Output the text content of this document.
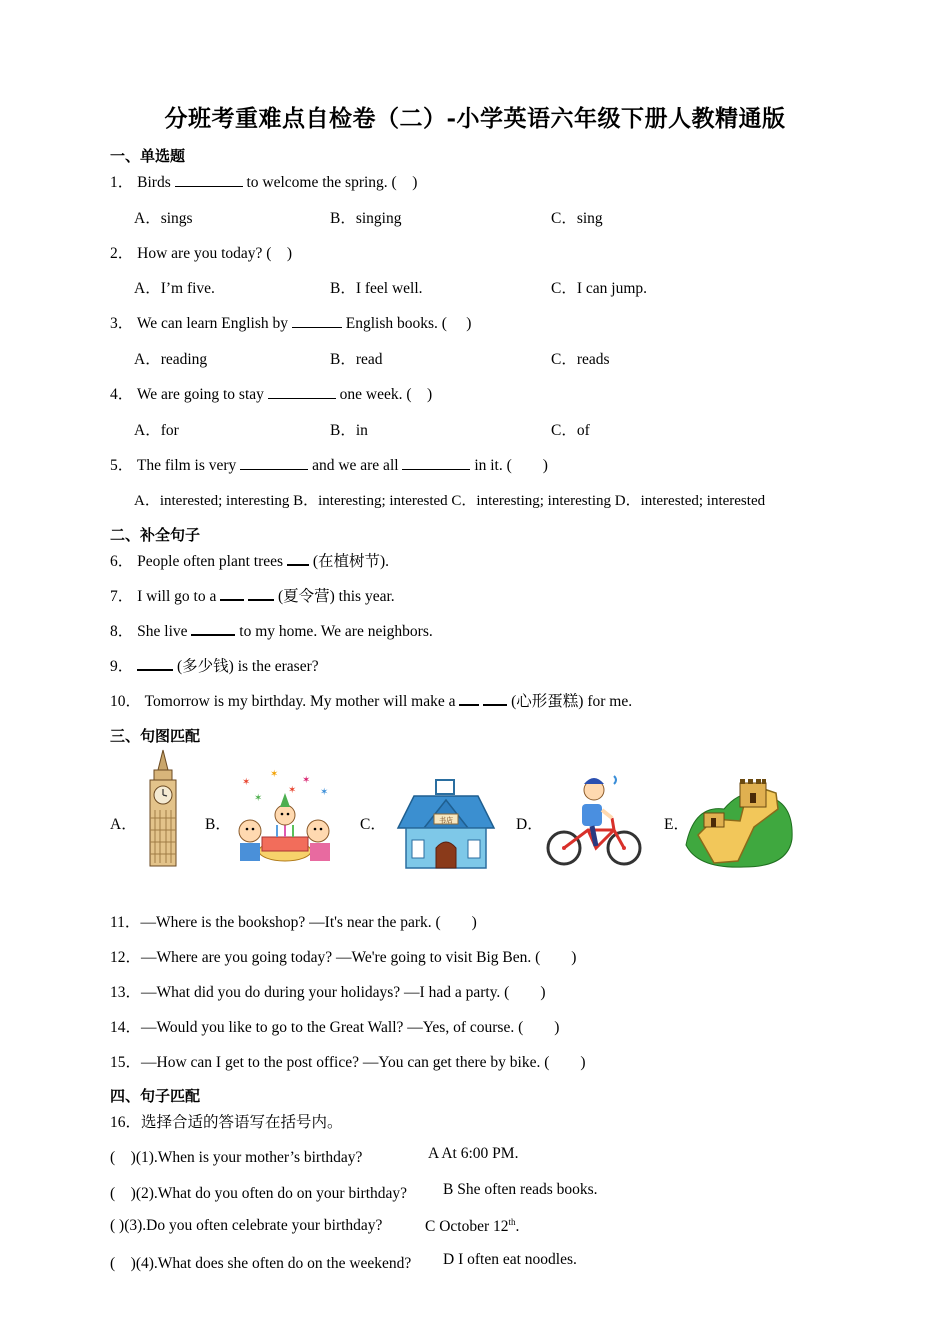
分班考重难点自检卷（二）-小学英语六年级下册人教精通版
一、单选题
1． Birds	to welcome the spring. (　)
A．sings	B．singing	C．sing
2． How are you today? (　)
A．I’m five.	B．I feel well.	C．I can jump.
3． We can learn English by	English books. (　 )
A．reading	B．read	C．reads
4． We are going to stay	one week. (　)
A．for	B．in	C．of
5． The film is very	and we are all	in it. (　　)
A．interested; interesting B．interesting; interested C．interesting; interesting D．interested; interested
二、补全句子
6． People often plant trees (在植树节).
7． I will go to a	(夏令营) this year.
8． She live	to my home. We are neighbors.
9．	(多少钱) is the eraser?
10． Tomorrow is my birthday. My mother will make a	(心形蛋糕) for me.
三、句图匹配
A．	B．	C．	D．	E．
✶
✶
✶
✶
✶
✶
书店
11．—Where is the bookshop? —It's near the park. (　　)
12．—Where are you going today? —We're going to visit Big Ben. (　　)
13．—What did you do during your holidays? —I had a party. (　　)
14．—Would you like to go to the Great Wall? —Yes, of course. (　　)
15．—How can I get to the post office? —You can get there by bike. (　　)
四、句子匹配
16．选择合适的答语写在括号内。
(　)(1).When is your mother’s birthday?	A At 6:00 PM.
(　)(2).What do you often do on your birthday? B She often reads books.
( )(3).Do you often celebrate your birthday?	C October 12th.
(　)(4).What does she often do on the weekend? D I often eat noodles.
